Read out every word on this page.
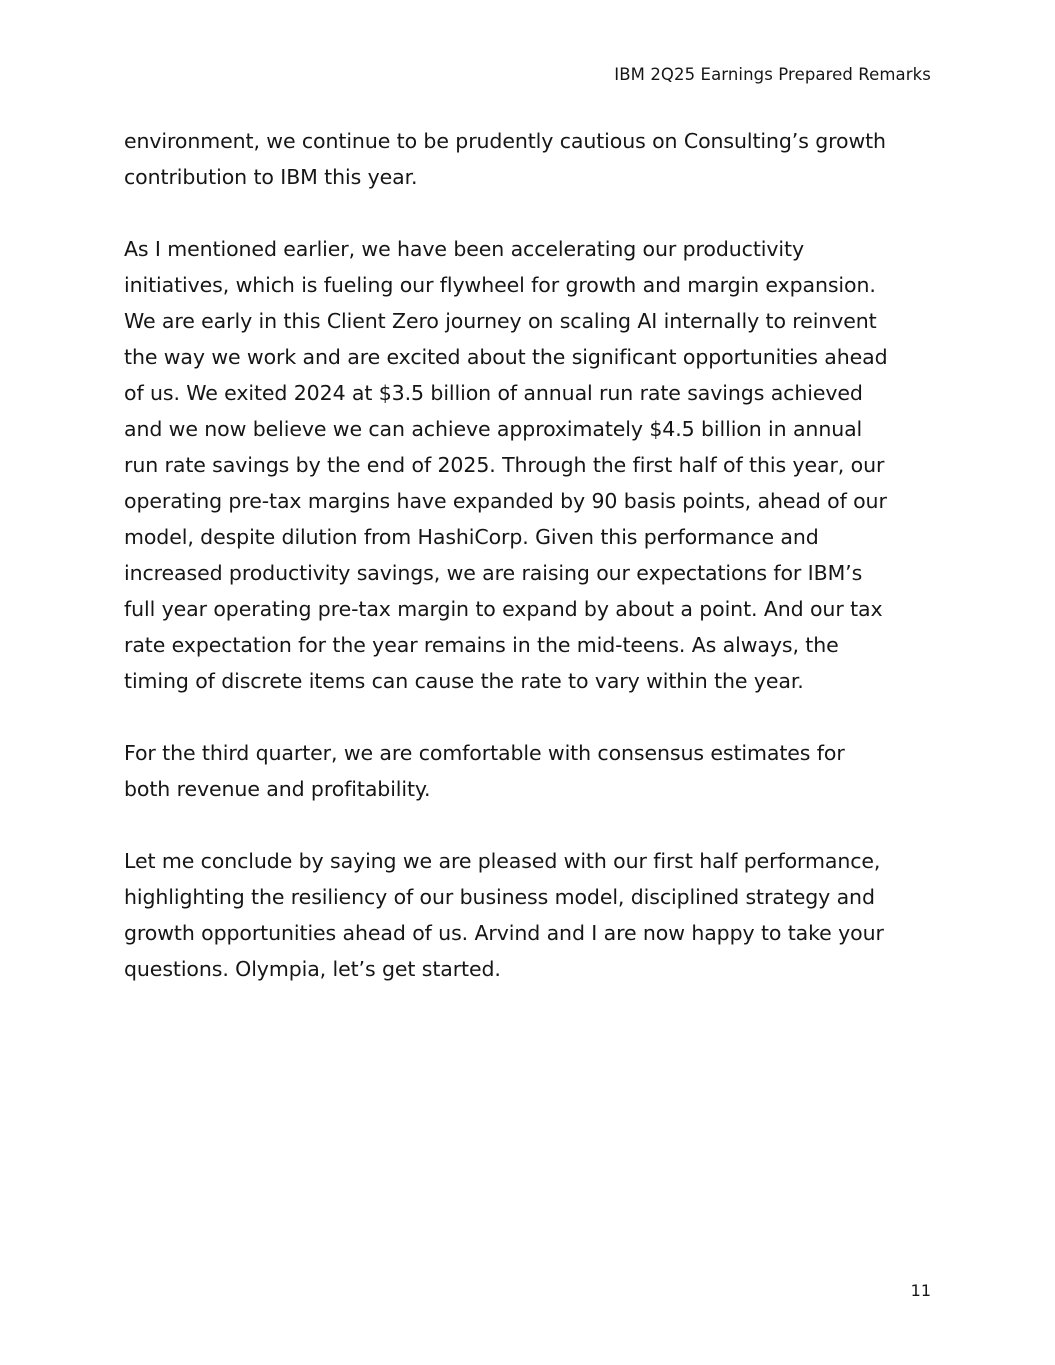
IBM 2Q25 Earnings Prepared Remarks

environment, we continue to be prudently cautious on Consulting’s growth
contribution to IBM this year.

As I mentioned earlier, we have been accelerating our productivity
initiatives, which is fueling our flywheel for growth and margin expansion.
We are early in this Client Zero journey on scaling AI internally to reinvent
the way we work and are excited about the significant opportunities ahead
of us. We exited 2024 at $3.5 billion of annual run rate savings achieved
and we now believe we can achieve approximately $4.5 billion in annual
run rate savings by the end of 2025. Through the first half of this year, our
operating pre-tax margins have expanded by 90 basis points, ahead of our
model, despite dilution from HashiCorp. Given this performance and
increased productivity savings, we are raising our expectations for IBM’s
full year operating pre-tax margin to expand by about a point. And our tax
rate expectation for the year remains in the mid-teens. As always, the
timing of discrete items can cause the rate to vary within the year.

For the third quarter, we are comfortable with consensus estimates for
both revenue and profitability.

Let me conclude by saying we are pleased with our first half performance,
highlighting the resiliency of our business model, disciplined strategy and
growth opportunities ahead of us. Arvind and I are now happy to take your
questions. Olympia, let’s get started.

11
